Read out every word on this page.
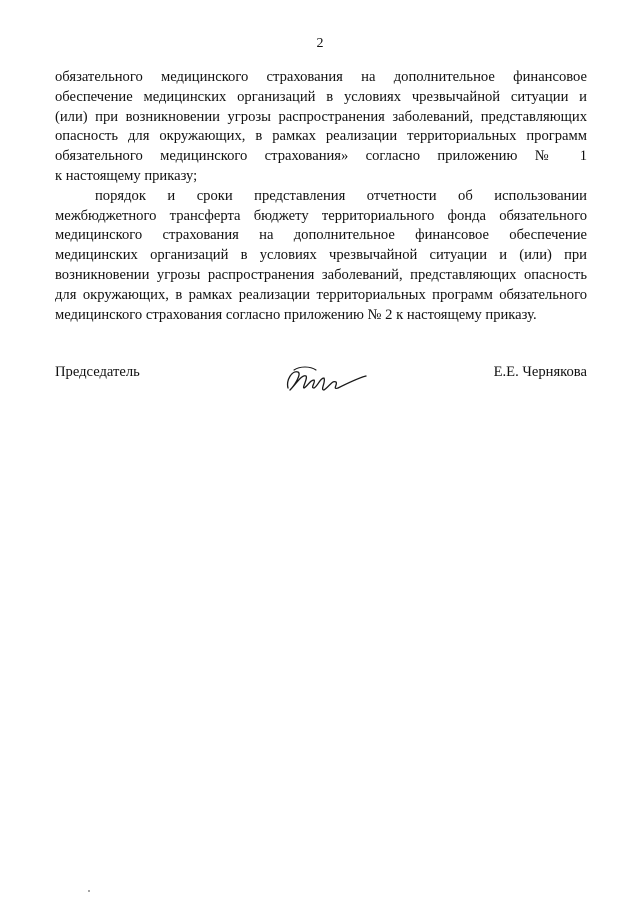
2
обязательного медицинского страхования на дополнительное финансовое
обеспечение медицинских организаций в условиях чрезвычайной ситуации и
(или) при возникновении угрозы распространения заболеваний, представляющих
опасность для окружающих, в рамках реализации территориальных программ
обязательного медицинского страхования» согласно приложению № 1
к настоящему приказу;
порядок и сроки представления отчетности об использовании
межбюджетного трансферта бюджету территориального фонда обязательного
медицинского страхования на дополнительное финансовое обеспечение
медицинских организаций в условиях чрезвычайной ситуации и (или) при
возникновении угрозы распространения заболеваний, представляющих опасность
для окружающих, в рамках реализации территориальных программ обязательного
медицинского страхования согласно приложению № 2 к настоящему приказу.
Председатель	Е.Е. Чернякова
